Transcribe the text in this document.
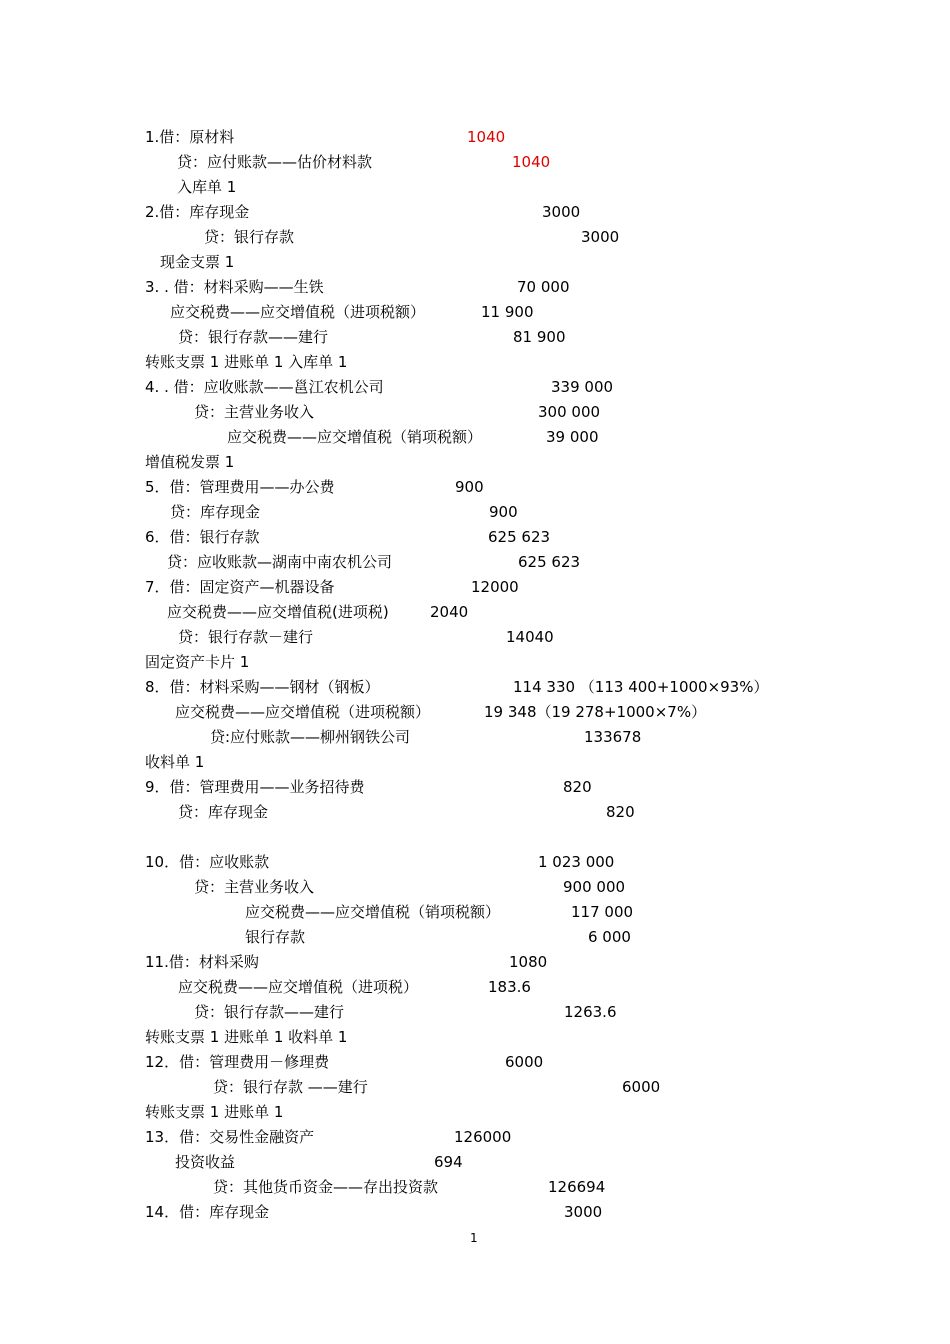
1.借：原材料	1040
贷：应付账款——估价材料款	1040
入库单 1
2.借：库存现金	3000
贷：银行存款	3000
现金支票 1
3. . 借：材料采购——生铁	70 000
应交税费——应交增值税（进项税额）	11 900
贷：银行存款——建行	81 900
转账支票 1 进账单 1 入库单 1
4. . 借：应收账款——邕江农机公司	339 000
贷：主营业务收入	300 000
应交税费——应交增值税（销项税额）	39 000
增值税发票 1
5．借：管理费用——办公费	900
贷：库存现金	900
6．借：银行存款	625 623
贷：应收账款—湖南中南农机公司	625 623
7．借：固定资产—机器设备	12000
应交税费——应交增值税(进项税)	2040
贷：银行存款－建行	14040
固定资产卡片 1
8．借：材料采购——钢材（钢板）	114 330 （113 400+1000×93%）
应交税费——应交增值税（进项税额）	19 348（19 278+1000×7%）
贷:应付账款——柳州钢铁公司	133678
收料单 1
9．借：管理费用——业务招待费	820
贷：库存现金	820
10．借：应收账款	1 023 000
贷：主营业务收入	900 000
应交税费——应交增值税（销项税额）	117 000
银行存款	6 000
11.借：材料采购	1080
应交税费——应交增值税（进项税）	183.6
贷：银行存款——建行	1263.6
转账支票 1 进账单 1 收料单 1
12．借：管理费用－修理费	6000
贷：银行存款 ——建行	6000
转账支票 1 进账单 1
13．借：交易性金融资产	126000
投资收益	694
贷：其他货币资金——存出投资款	126694
14．借：库存现金	3000
1
